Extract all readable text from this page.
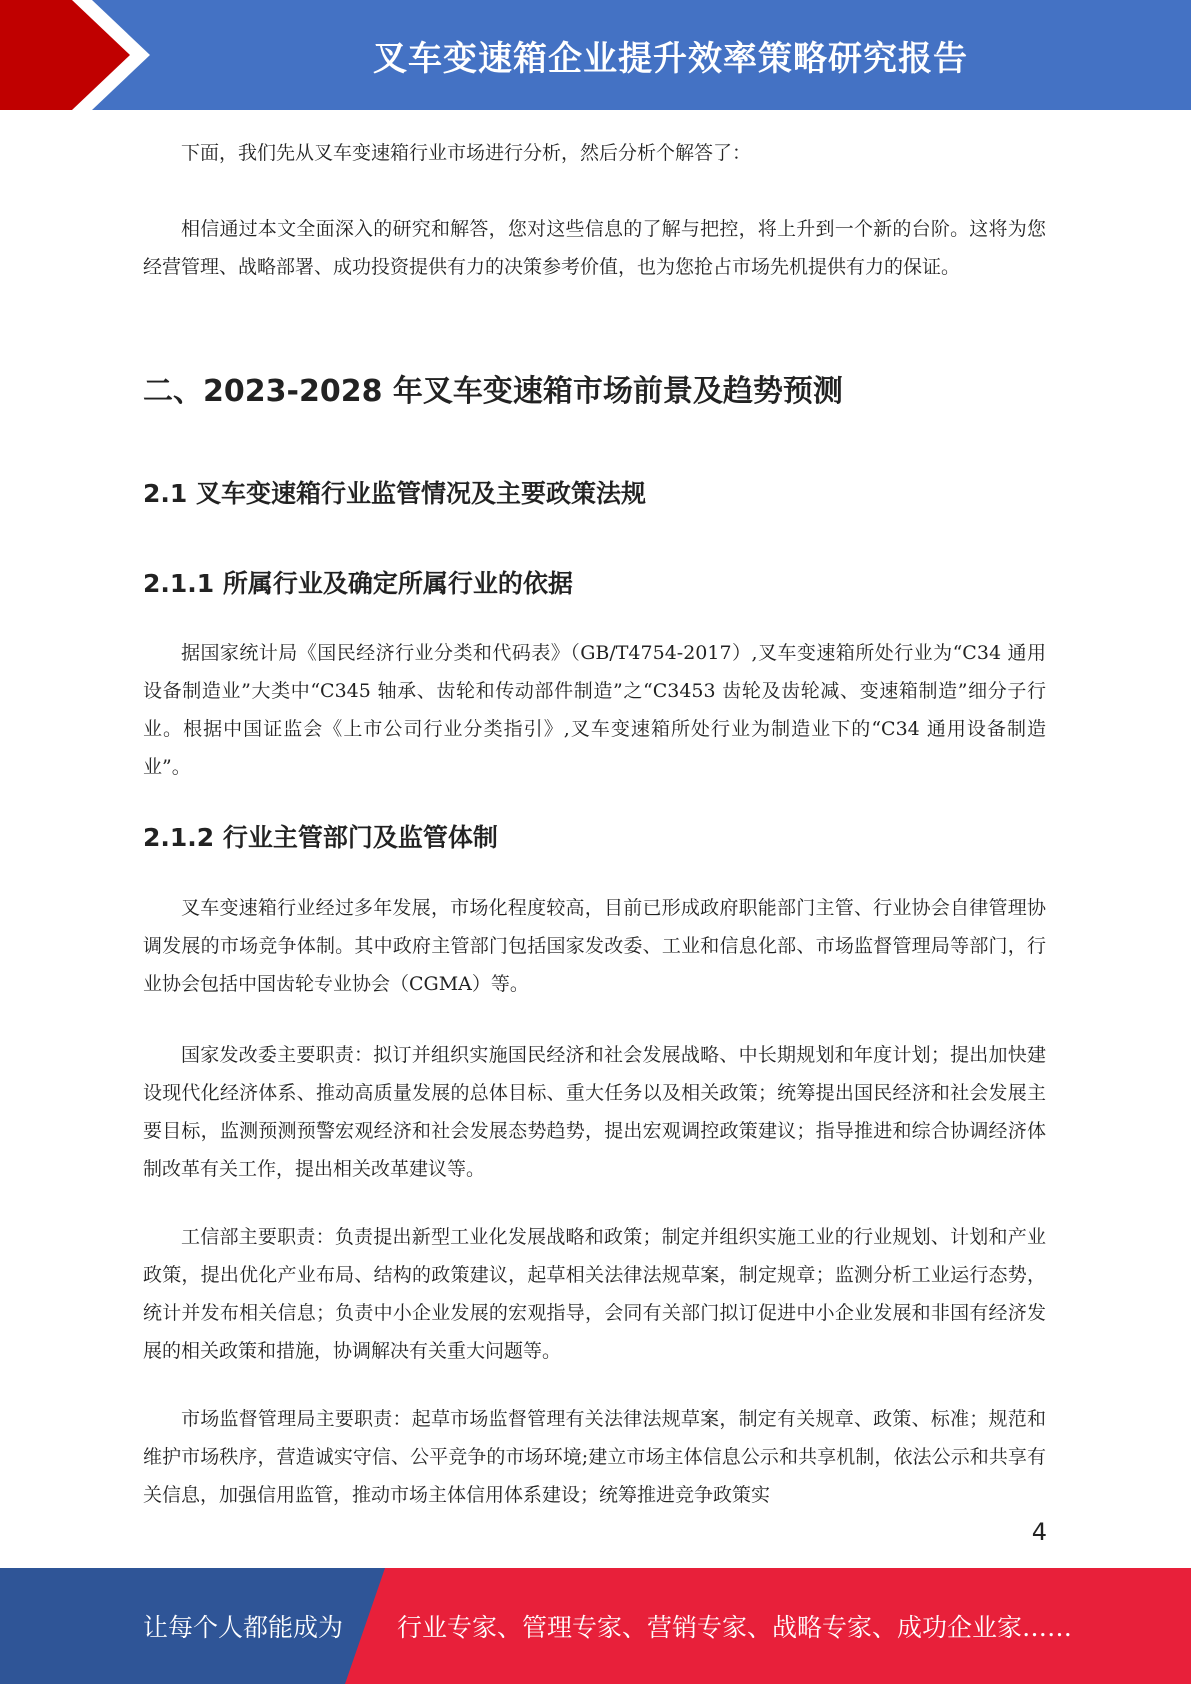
叉车变速箱企业提升效率策略研究报告

下面，我们先从叉车变速箱行业市场进行分析，然后分析个解答了：

相信通过本文全面深入的研究和解答，您对这些信息的了解与把控，将上升到一个新的台阶。这将为您经营管理、战略部署、成功投资提供有力的决策参考价值，也为您抢占市场先机提供有力的保证。

二、2023-2028 年叉车变速箱市场前景及趋势预测
2.1 叉车变速箱行业监管情况及主要政策法规
2.1.1 所属行业及确定所属行业的依据

据国家统计局《国民经济行业分类和代码表》（GB/T4754-2017）,叉车变速箱所处行业为“C34 通用设备制造业”大类中“C345 轴承、齿轮和传动部件制造”之“C3453 齿轮及齿轮减、变速箱制造”细分子行业。根据中国证监会《上市公司行业分类指引》,叉车变速箱所处行业为制造业下的“C34 通用设备制造业”。

2.1.2 行业主管部门及监管体制

叉车变速箱行业经过多年发展，市场化程度较高，目前已形成政府职能部门主管、行业协会自律管理协调发展的市场竞争体制。其中政府主管部门包括国家发改委、工业和信息化部、市场监督管理局等部门，行业协会包括中国齿轮专业协会（CGMA）等。

国家发改委主要职责：拟订并组织实施国民经济和社会发展战略、中长期规划和年度计划；提出加快建设现代化经济体系、推动高质量发展的总体目标、重大任务以及相关政策；统筹提出国民经济和社会发展主要目标，监测预测预警宏观经济和社会发展态势趋势，提出宏观调控政策建议；指导推进和综合协调经济体制改革有关工作，提出相关改革建议等。

工信部主要职责：负责提出新型工业化发展战略和政策；制定并组织实施工业的行业规划、计划和产业政策，提出优化产业布局、结构的政策建议，起草相关法律法规草案，制定规章；监测分析工业运行态势，统计并发布相关信息；负责中小企业发展的宏观指导，会同有关部门拟订促进中小企业发展和非国有经济发展的相关政策和措施，协调解决有关重大问题等。

市场监督管理局主要职责：起草市场监督管理有关法律法规草案，制定有关规章、政策、标准；规范和维护市场秩序，营造诚实守信、公平竞争的市场环境;建立市场主体信息公示和共享机制，依法公示和共享有关信息，加强信用监管，推动市场主体信用体系建设；统筹推进竞争政策实

4
让每个人都能成为 行业专家、管理专家、营销专家、战略专家、成功企业家……
